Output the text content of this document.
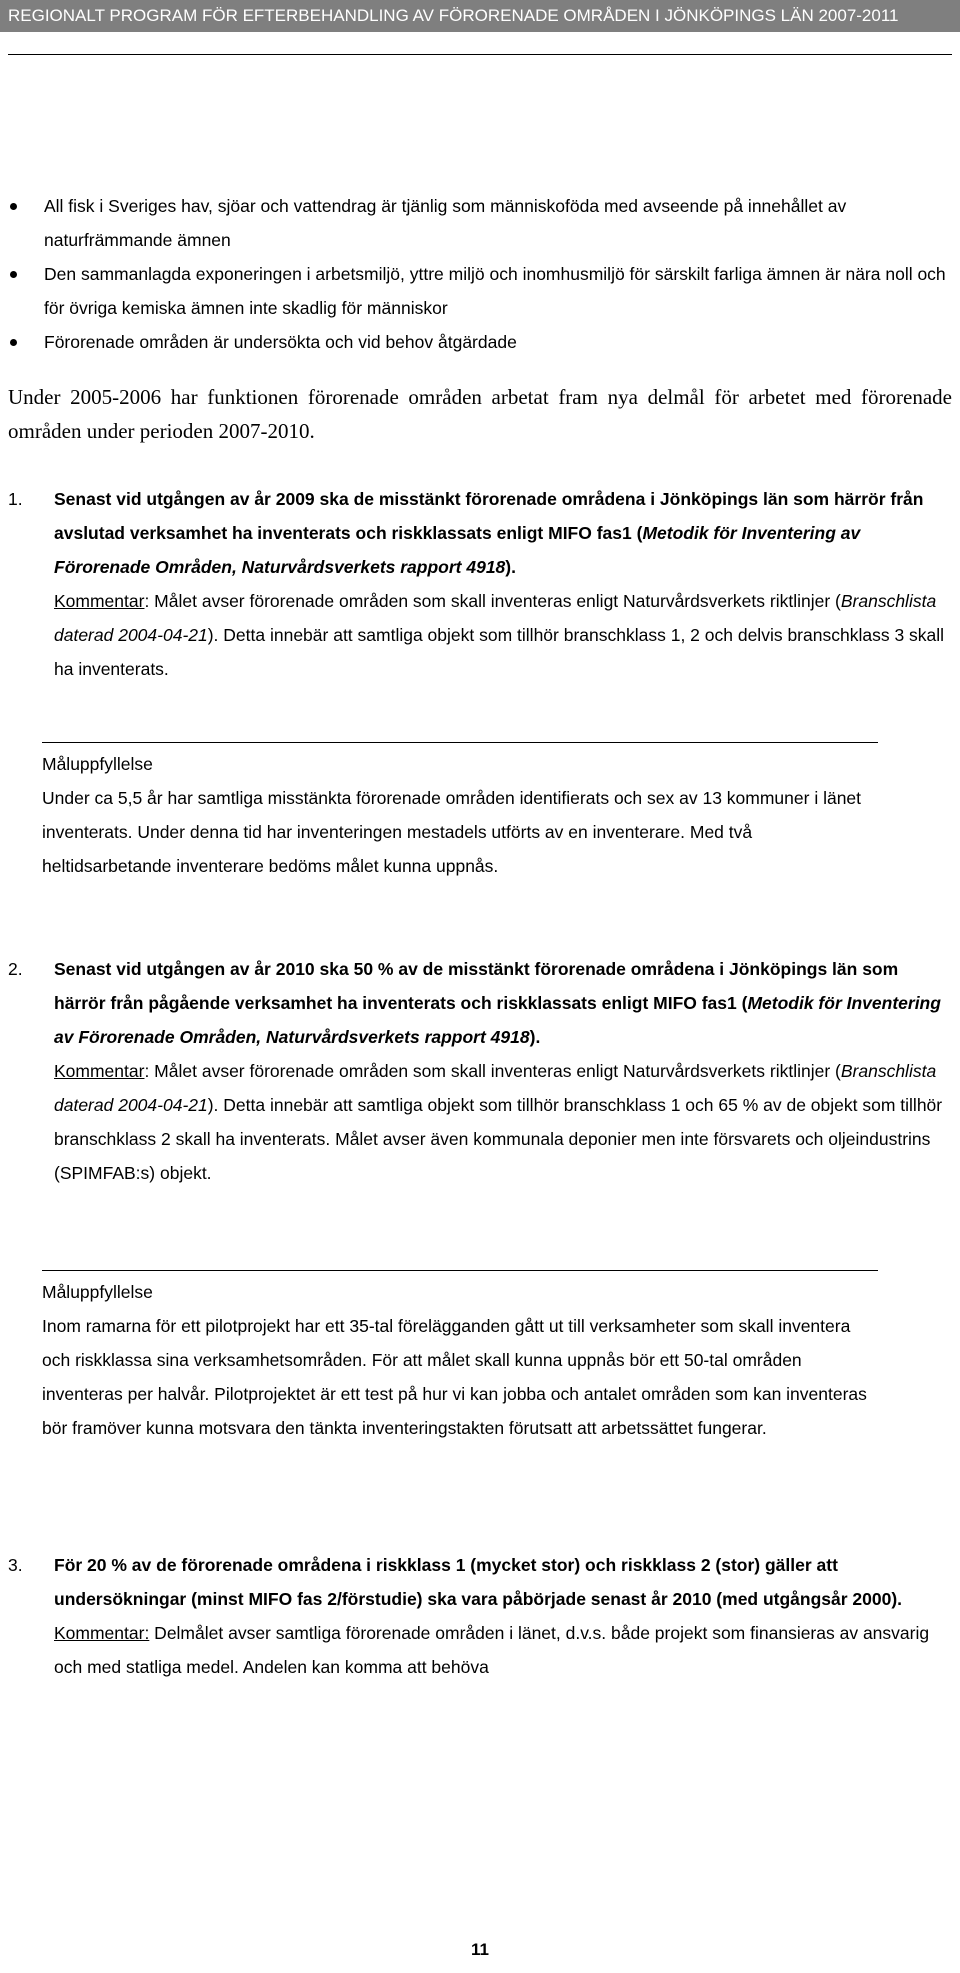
REGIONALT PROGRAM FÖR EFTERBEHANDLING AV FÖRORENADE OMRÅDEN I JÖNKÖPINGS LÄN 2007-2011
All fisk i Sveriges hav, sjöar och vattendrag är tjänlig som människoföda med avseende på innehållet av naturfrämmande ämnen
Den sammanlagda exponeringen i arbetsmiljö, yttre miljö och inomhusmiljö för särskilt farliga ämnen är nära noll och för övriga kemiska ämnen inte skadlig för människor
Förorenade områden är undersökta och vid behov åtgärdade
Under 2005-2006 har funktionen förorenade områden arbetat fram nya delmål för arbetet med förorenade områden under perioden 2007-2010.
1. Senast vid utgången av år 2009 ska de misstänkt förorenade områdena i Jönköpings län som härrör från avslutad verksamhet ha inventerats och riskklassats enligt MIFO fas1 (Metodik för Inventering av Förorenade Områden, Naturvårdsverkets rapport 4918).
Kommentar: Målet avser förorenade områden som skall inventeras enligt Naturvårdsverkets riktlinjer (Branschlista daterad 2004-04-21). Detta innebär att samtliga objekt som tillhör branschklass 1, 2 och delvis branschklass 3 skall ha inventerats.
Måluppfyllelse
Under ca 5,5 år har samtliga misstänkta förorenade områden identifierats och sex av 13 kommuner i länet inventerats. Under denna tid har inventeringen mestadels utförts av en inventerare. Med två heltidsarbetande inventerare bedöms målet kunna uppnås.
2. Senast vid utgången av år 2010 ska 50 % av de misstänkt förorenade områdena i Jönköpings län som härrör från pågående verksamhet ha inventerats och riskklassats enligt MIFO fas1 (Metodik för Inventering av Förorenade Områden, Naturvårdsverkets rapport 4918).
Kommentar: Målet avser förorenade områden som skall inventeras enligt Naturvårdsverkets riktlinjer (Branschlista daterad 2004-04-21). Detta innebär att samtliga objekt som tillhör branschklass 1 och 65 % av de objekt som tillhör branschklass 2 skall ha inventerats. Målet avser även kommunala deponier men inte försvarets och oljeindustrins (SPIMFAB:s) objekt.
Måluppfyllelse
Inom ramarna för ett pilotprojekt har ett 35-tal förelägganden gått ut till verksamheter som skall inventera och riskklassa sina verksamhetsområden. För att målet skall kunna uppnås bör ett 50-tal områden inventeras per halvår. Pilotprojektet är ett test på hur vi kan jobba och antalet områden som kan inventeras bör framöver kunna motsvara den tänkta inventeringstakten förutsatt att arbetssättet fungerar.
3. För 20 % av de förorenade områdena i riskklass 1 (mycket stor) och riskklass 2 (stor) gäller att undersökningar (minst MIFO fas 2/förstudie) ska vara påbörjade senast år 2010 (med utgångsår 2000).
Kommentar: Delmålet avser samtliga förorenade områden i länet, d.v.s. både projekt som finansieras av ansvarig och med statliga medel. Andelen kan komma att behöva
11
